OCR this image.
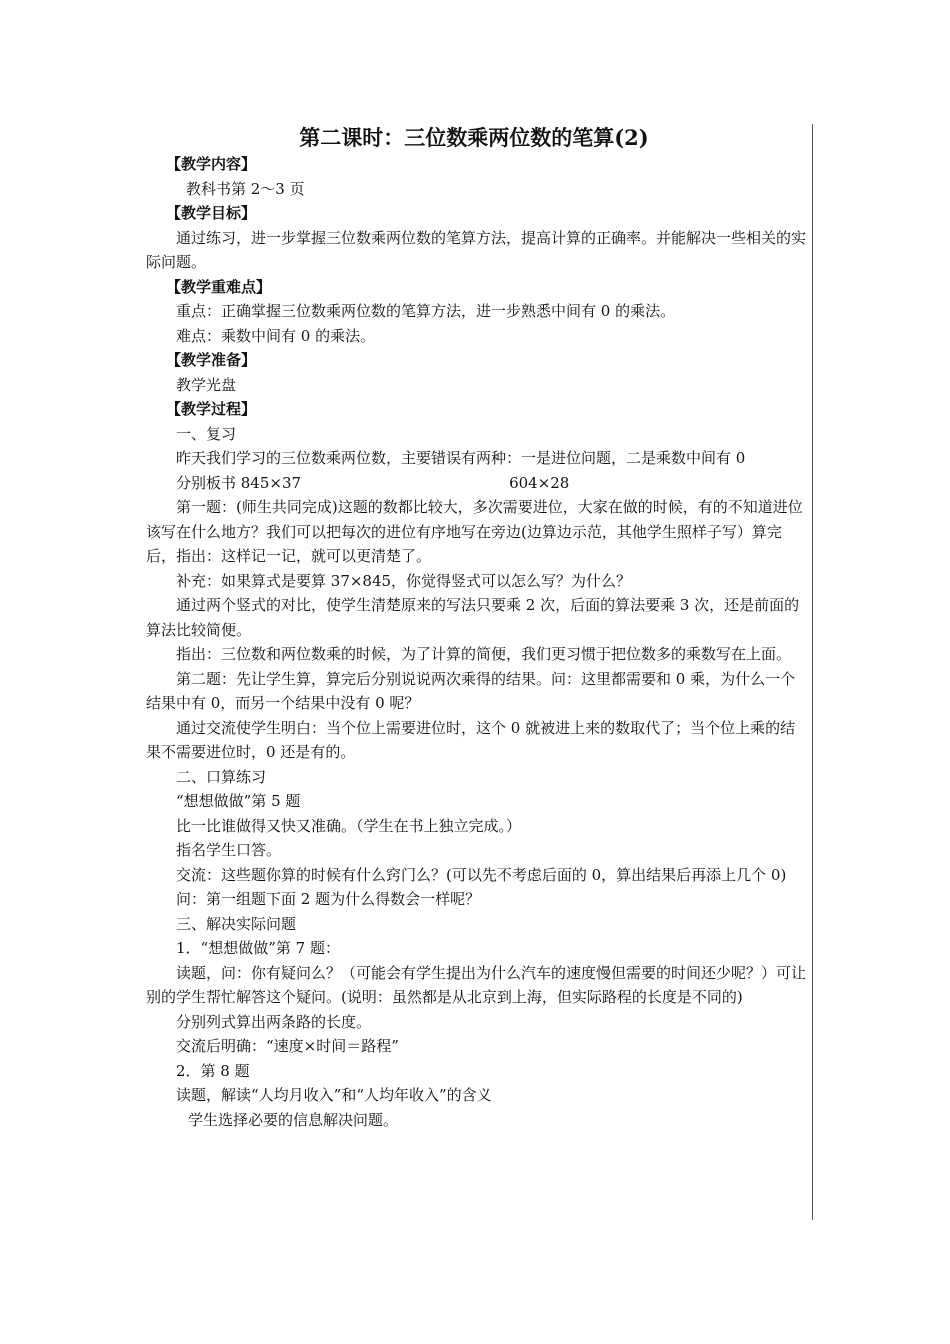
第二课时：三位数乘两位数的笔算(2)

【教学内容】

教科书第 2～3 页

【教学目标】

通过练习，进一步掌握三位数乘两位数的笔算方法，提高计算的正确率。并能解决一些相关的实际问题。

【教学重难点】

重点：正确掌握三位数乘两位数的笔算方法，进一步熟悉中间有 0 的乘法。

难点：乘数中间有 0 的乘法。

【教学准备】

教学光盘

【教学过程】

一、复习

昨天我们学习的三位数乘两位数，主要错误有两种：一是进位问题，二是乘数中间有 0

分别板书 845×37	604×28

第一题：(师生共同完成)这题的数都比较大，多次需要进位，大家在做的时候，有的不知道进位该写在什么地方？我们可以把每次的进位有序地写在旁边(边算边示范，其他学生照样子写）算完后，指出：这样记一记，就可以更清楚了。

补充：如果算式是要算 37×845，你觉得竖式可以怎么写？为什么？

通过两个竖式的对比，使学生清楚原来的写法只要乘 2 次，后面的算法要乘 3 次，还是前面的算法比较简便。

指出：三位数和两位数乘的时候，为了计算的简便，我们更习惯于把位数多的乘数写在上面。

第二题：先让学生算，算完后分别说说两次乘得的结果。问：这里都需要和 0 乘，为什么一个结果中有 0，而另一个结果中没有 0 呢？

通过交流使学生明白：当个位上需要进位时，这个 0 就被进上来的数取代了；当个位上乘的结果不需要进位时，0 还是有的。

二、口算练习

“想想做做”第 5 题

比一比谁做得又快又准确。（学生在书上独立完成。）

指名学生口答。

交流：这些题你算的时候有什么窍门么？(可以先不考虑后面的 0，算出结果后再添上几个 0)

问：第一组题下面 2 题为什么得数会一样呢？

三、解决实际问题

1．“想想做做”第 7 题：

读题，问：你有疑问么？（可能会有学生提出为什么汽车的速度慢但需要的时间还少呢？）可让别的学生帮忙解答这个疑问。(说明：虽然都是从北京到上海，但实际路程的长度是不同的)

分别列式算出两条路的长度。

交流后明确：“速度×时间＝路程”

2．第 8 题

读题，解读“人均月收入”和“人均年收入”的含义

学生选择必要的信息解决问题。
